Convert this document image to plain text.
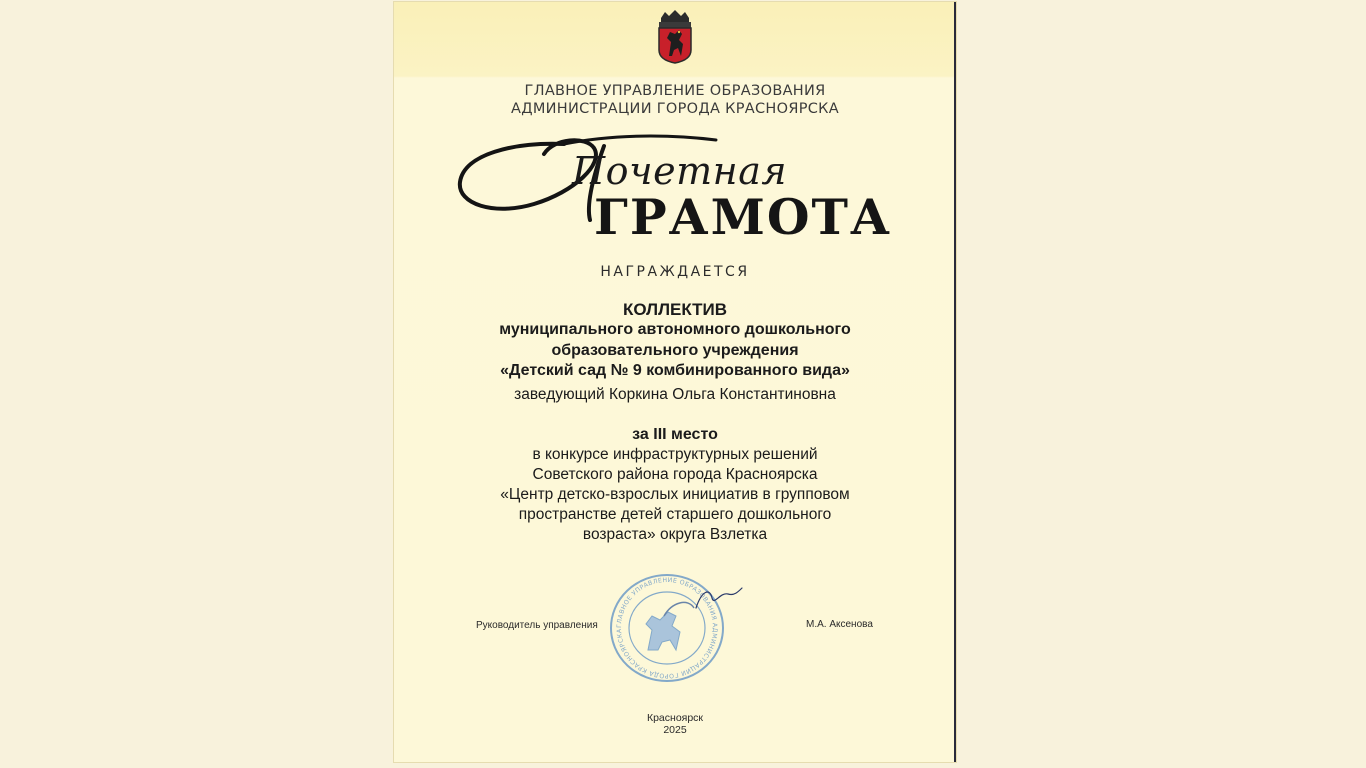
ГЛАВНОЕ УПРАВЛЕНИЕ ОБРАЗОВАНИЯ
АДМИНИСТРАЦИИ ГОРОДА КРАСНОЯРСКА
Почетная
ГРАМОТА
НАГРАЖДАЕТСЯ
КОЛЛЕКТИВ
муниципального автономного дошкольного
образовательного учреждения
«Детский сад № 9 комбинированного вида»
заведующий Коркина Ольга Константиновна
за III место
в конкурсе инфраструктурных решений
Советского района города Красноярска
«Центр детско-взрослых инициатив в групповом
пространстве детей старшего дошкольного
возраста» округа Взлетка
Руководитель управления	ГЛАВНОЕ УПРАВЛЕНИЕ ОБРАЗОВАНИЯ АДМИНИСТРАЦИИ ГОРОДА КРАСНОЯРСКА
М.А. Аксенова
Красноярск
2025
